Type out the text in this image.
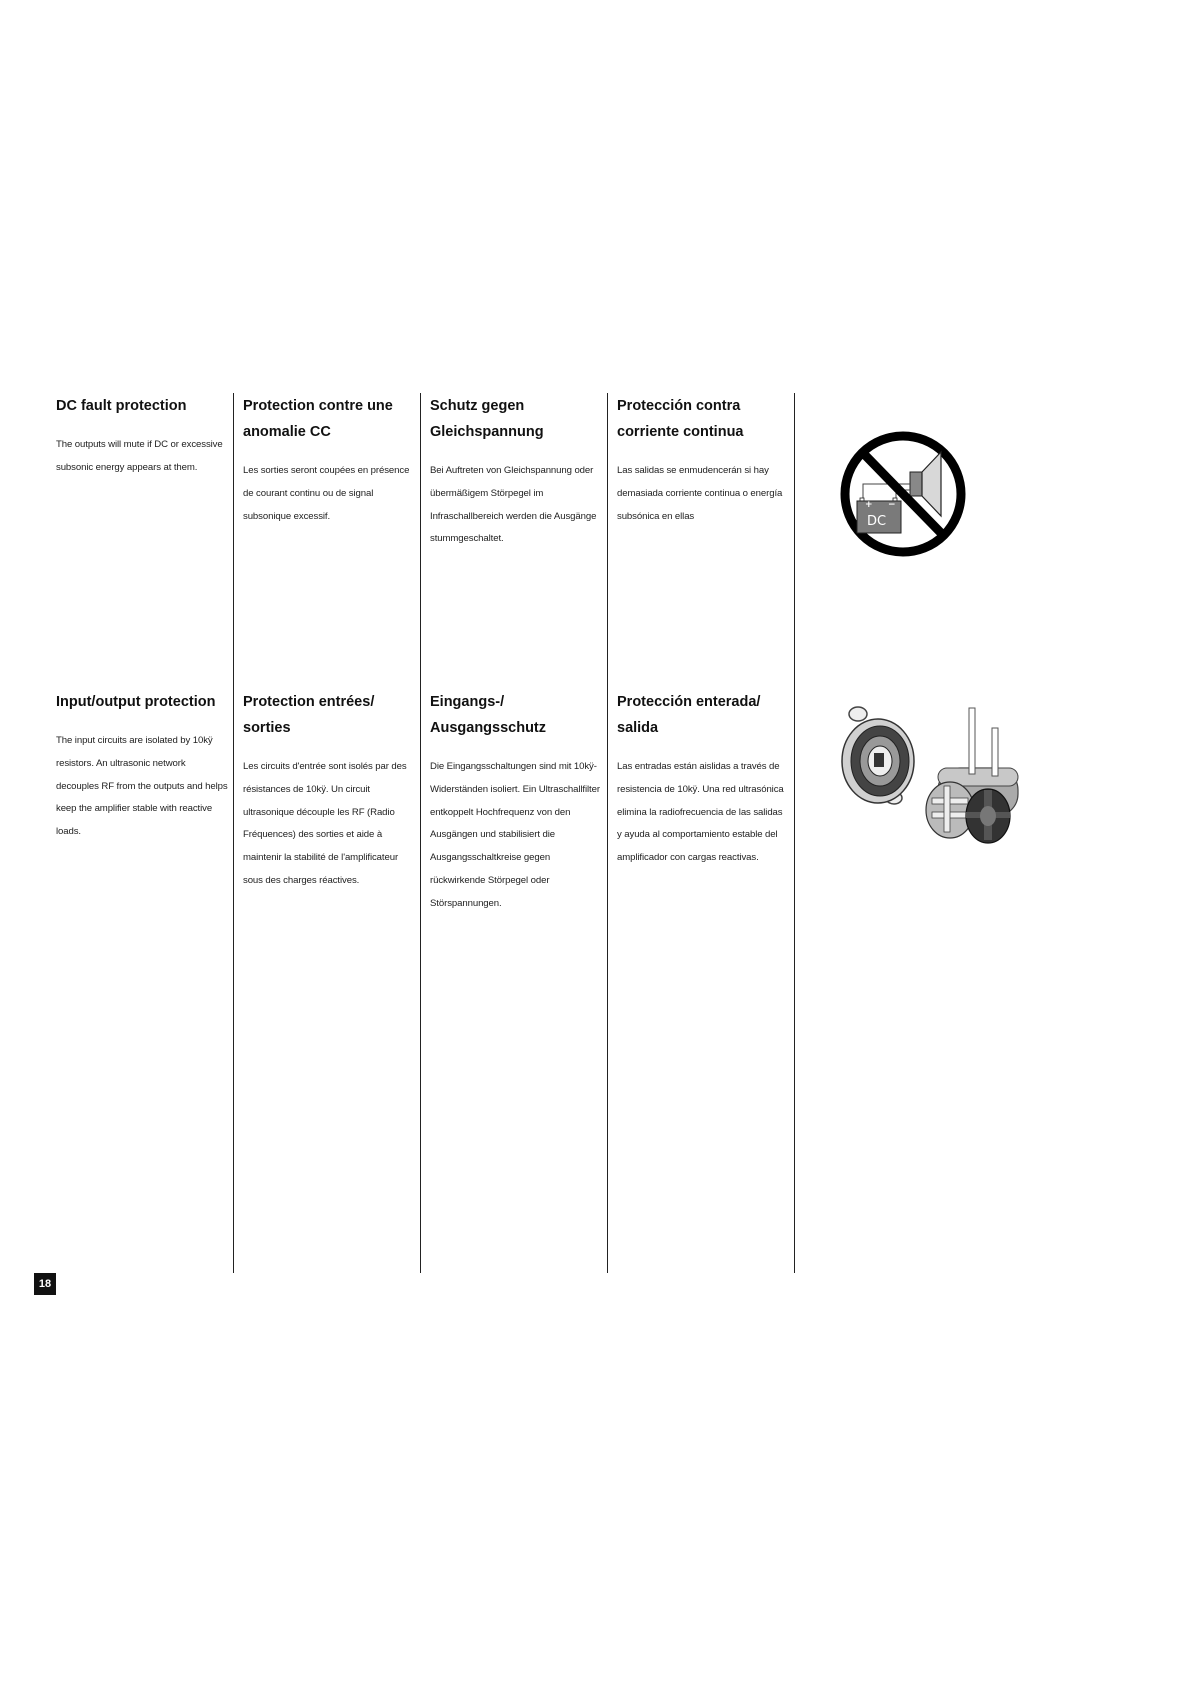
DC fault protection

The outputs will mute if DC or excessive subsonic energy appears at them.

Protection contre une anomalie CC

Les sorties seront coupées en présence de courant continu ou de signal subsonique excessif.

Schutz gegen Gleichspannung

Bei Auftreten von Gleichspannung oder übermäßigem Störpegel im Infraschallbereich werden die Ausgänge stummgeschaltet.

Protección contra corriente continua

Las salidas se enmudencerán si hay demasiada corriente continua o energía subsónica en ellas

+ −
DC
Input/output protection

The input circuits are isolated by 10kÿ resistors. An ultrasonic network decouples RF from the outputs and helps keep the amplifier stable with reactive loads.

Protection entrées/ sorties

Les circuits d'entrée sont isolés par des résistances de 10kÿ. Un circuit ultrasonique découple les RF (Radio Fréquences) des sorties et aide à maintenir la stabilité de l'amplificateur sous des charges réactives.

Eingangs-/ Ausgangsschutz

Die Eingangsschaltungen sind mit 10kÿ-Widerständen isoliert. Ein Ultraschallfilter entkoppelt Hochfrequenz von den Ausgängen und stabilisiert die Ausgangsschaltkreise gegen rückwirkende Störpegel oder Störspannungen.

Protección enterada/ salida

Las entradas están aislidas a través de resistencia de 10kÿ. Una red ultrasónica elimina la radiofrecuencia de las salidas y ayuda al comportamiento estable del amplificador con cargas reactivas.

18
